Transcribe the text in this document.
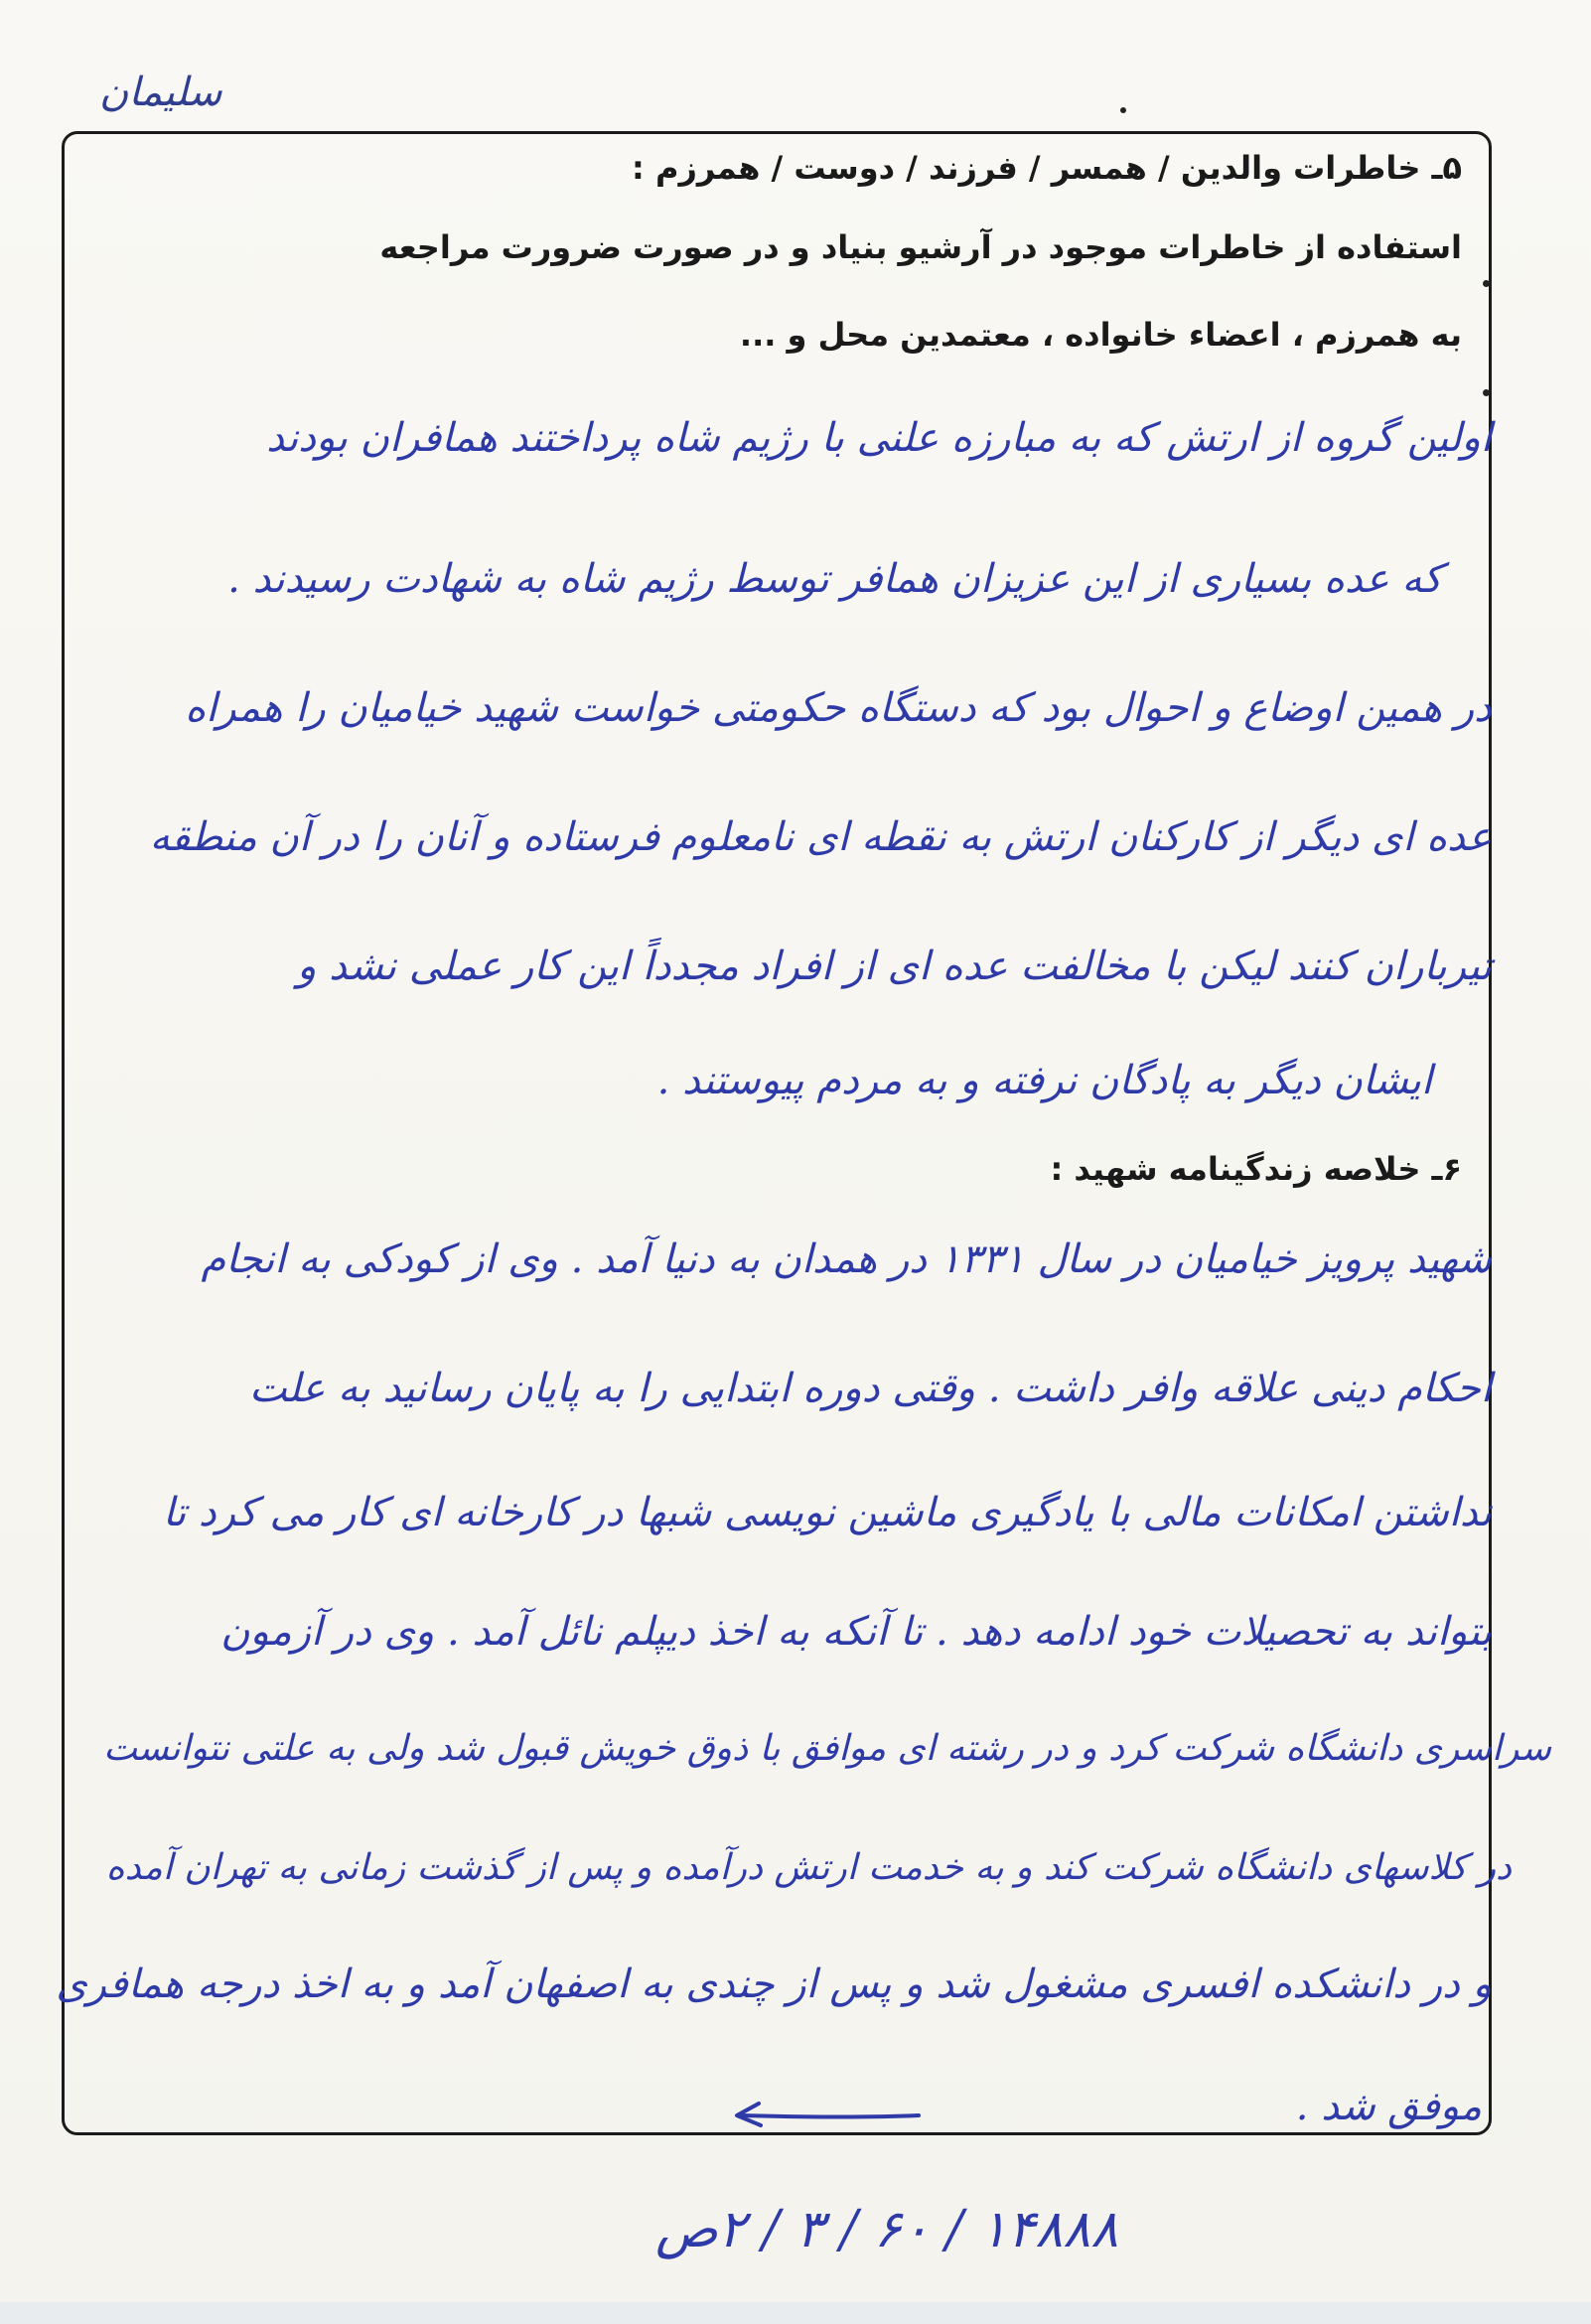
سلیمان
۵ـ خاطرات والدین / همسر / فرزند / دوست / همرزم :
استفاده از خاطرات موجود در آرشیو بنیاد و در صورت ضرورت مراجعه
به همرزم ، اعضاء خانواده ، معتمدین محل و ...
اولین گروه از ارتش که به مبارزه علنی با رژیم شاه پرداختند همافران بودند
که عده بسیاری از این عزیزان همافر توسط رژیم شاه به شهادت رسیدند .
در همین اوضاع و احوال بود که دستگاه حکومتی خواست شهید خیامیان را همراه
عده ای دیگر از کارکنان ارتش به نقطه ای نامعلوم فرستاده و آنان را در آن منطقه
تیرباران کنند لیکن با مخالفت عده ای از افراد مجدداً این کار عملی نشد و
ایشان دیگر به پادگان نرفته و به مردم پیوستند .
۶ـ خلاصه زندگینامه شهید :
شهید پرویز خیامیان در سال ۱۳۳۱ در همدان به دنیا آمد . وی از کودکی به انجام
احکام دینی علاقه وافر داشت . وقتی دوره ابتدایی را به پایان رسانید به علت
نداشتن امکانات مالی با یادگیری ماشین نویسی شبها در کارخانه ای کار می کرد تا
بتواند به تحصیلات خود ادامه دهد . تا آنکه به اخذ دیپلم نائل آمد . وی در آزمون
سراسری دانشگاه شرکت کرد و در رشته ای موافق با ذوق خویش قبول شد ولی به علتی نتوانست
در کلاسهای دانشگاه شرکت کند و به خدمت ارتش درآمده و پس از گذشت زمانی به تهران آمده
و در دانشکده افسری مشغول شد و پس از چندی به اصفهان آمد و به اخذ درجه همافری
موفق شد .
۱۴۸۸۸ / ۶۰ / ۳ / ۲ص
